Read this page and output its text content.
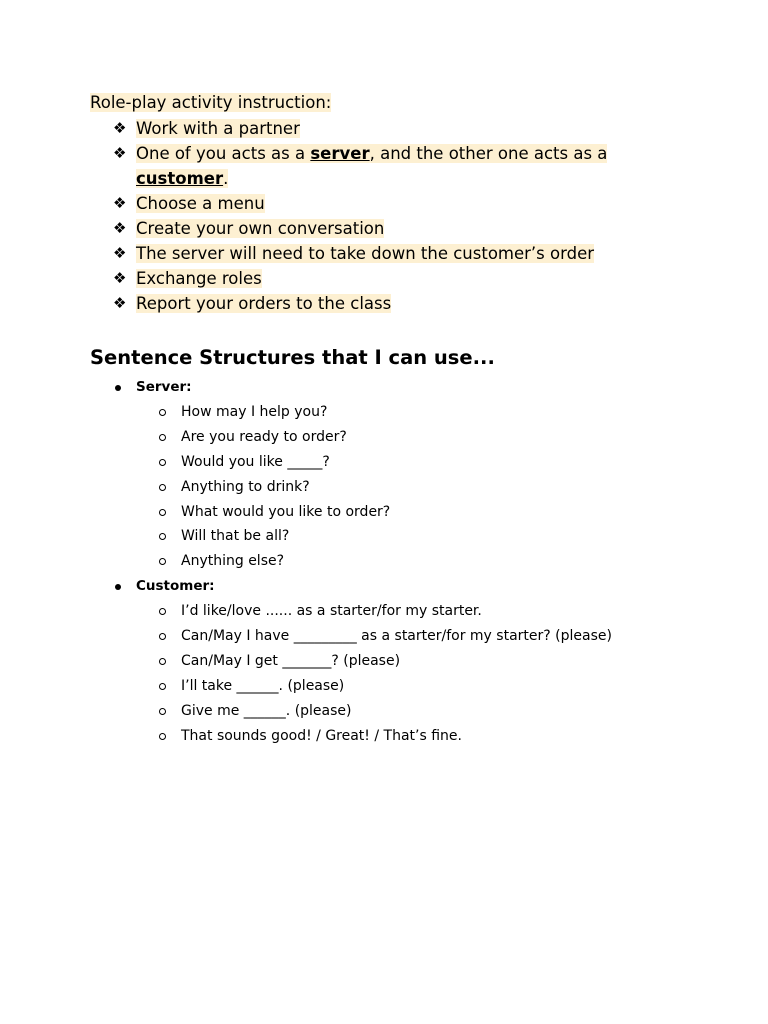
Role-play activity instruction:

❖ Work with a partner
❖ One of you acts as a server, and the other one acts as a
customer.
❖ Choose a menu
❖ Create your own conversation
❖ The server will need to take down the customer’s order
❖ Exchange roles
❖ Report your orders to the class
Sentence Structures that I can use...
Server:
How may I help you?
Are you ready to order?
Would you like _____?
Anything to drink?
What would you like to order?
Will that be all?
Anything else?
Customer:
I’d like/love ...... as a starter/for my starter.
Can/May I have _________ as a starter/for my starter? (please)
Can/May I get _______? (please)
I’ll take ______. (please)
Give me ______. (please)
That sounds good! / Great! / That’s fine.
